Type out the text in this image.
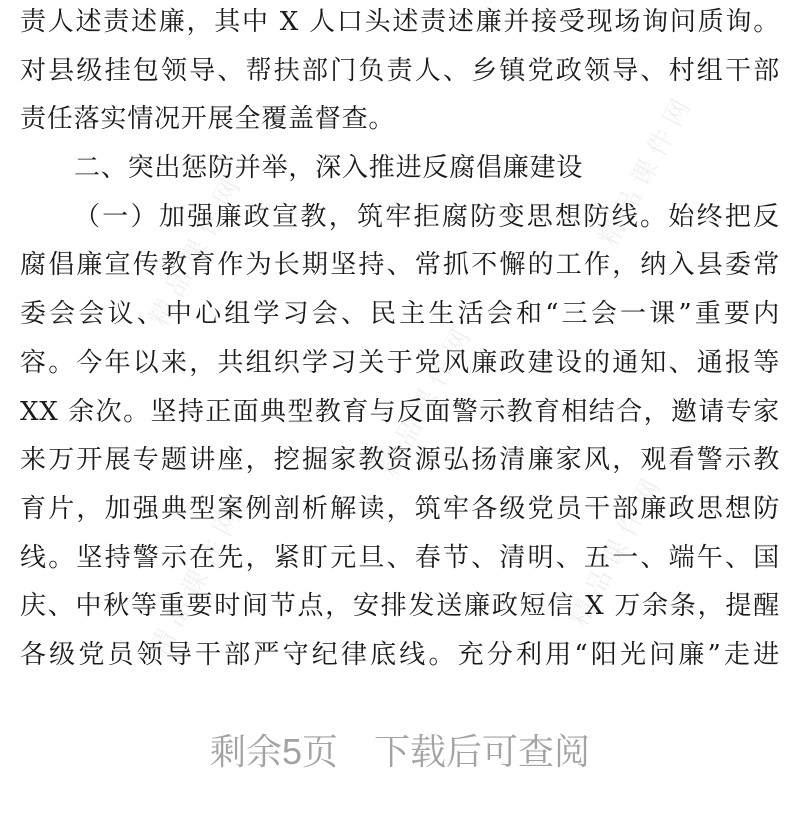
精品课件网	精品课件网
精品课件网
精品课件网
精品课件网
责人述责述廉，其中 X 人口头述责述廉并接受现场询问质询。
对县级挂包领导、帮扶部门负责人、乡镇党政领导、村组干部
责任落实情况开展全覆盖督查。
二、突出惩防并举，深入推进反腐倡廉建设
（一）加强廉政宣教，筑牢拒腐防变思想防线。始终把反
腐倡廉宣传教育作为长期坚持、常抓不懈的工作，纳入县委常
委会会议、中心组学习会、民主生活会和“三会一课”重要内
容。今年以来，共组织学习关于党风廉政建设的通知、通报等
XX 余次。坚持正面典型教育与反面警示教育相结合，邀请专家
来万开展专题讲座，挖掘家教资源弘扬清廉家风，观看警示教
育片，加强典型案例剖析解读，筑牢各级党员干部廉政思想防
线。坚持警示在先，紧盯元旦、春节、清明、五一、端午、国
庆、中秋等重要时间节点，安排发送廉政短信 X 万余条，提醒
各级党员领导干部严守纪律底线。充分利用“阳光问廉”走进
剩余5页 下载后可查阅
